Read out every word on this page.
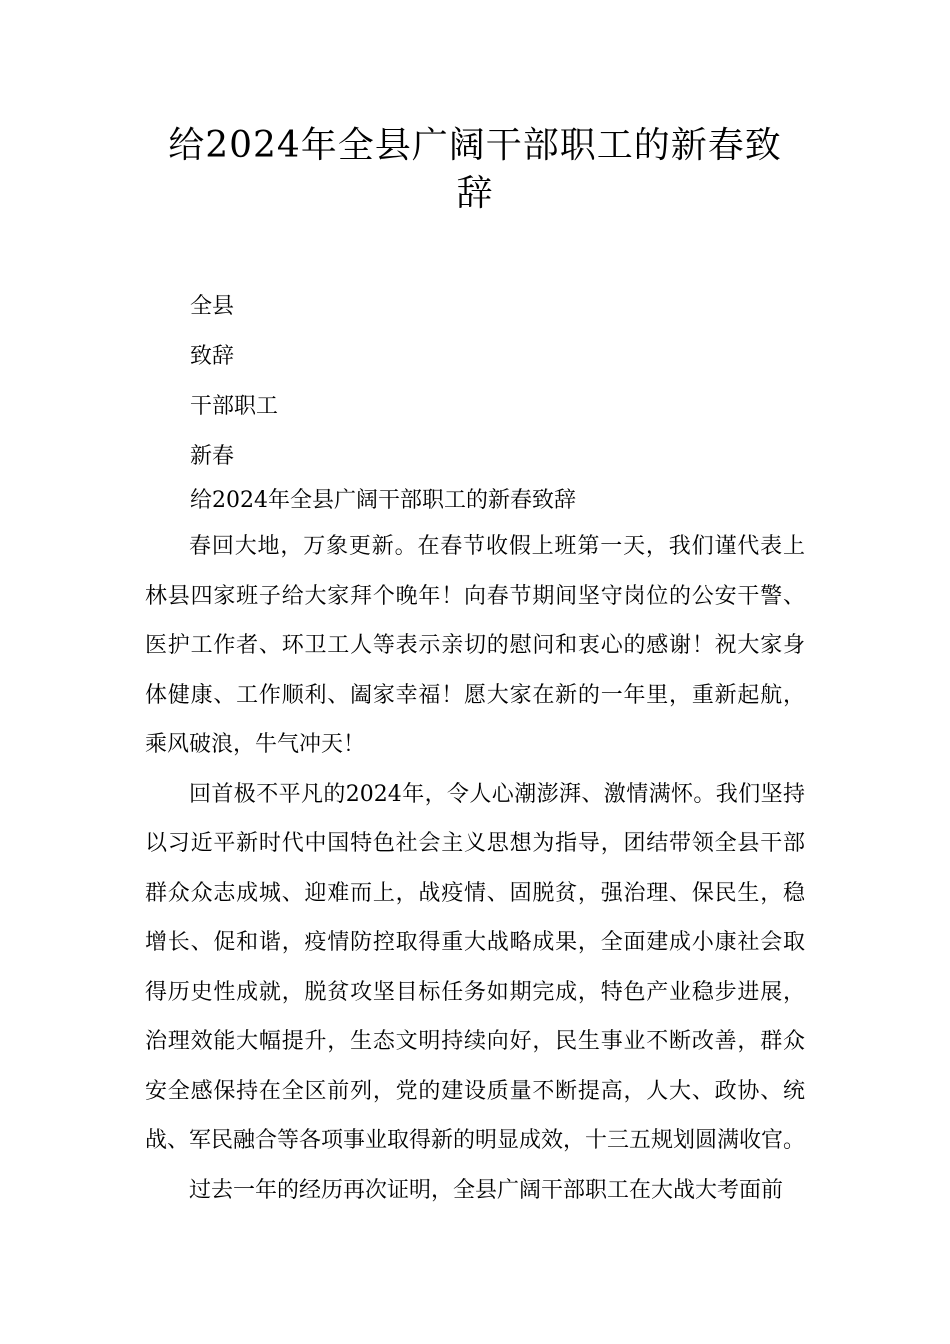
给2024年全县广阔干部职工的新春致
辞
全县
致辞
干部职工
新春

给2024年全县广阔干部职工的新春致辞

春回大地，万象更新。在春节收假上班第一天，我们谨代表上
林县四家班子给大家拜个晚年！向春节期间坚守岗位的公安干警、
医护工作者、环卫工人等表示亲切的慰问和衷心的感谢！祝大家身
体健康、工作顺利、阖家幸福！愿大家在新的一年里，重新起航，
乘风破浪，牛气冲天！

回首极不平凡的2024年，令人心潮澎湃、激情满怀。我们坚持
以习近平新时代中国特色社会主义思想为指导，团结带领全县干部
群众众志成城、迎难而上，战疫情、固脱贫，强治理、保民生，稳
增长、促和谐，疫情防控取得重大战略成果，全面建成小康社会取
得历史性成就，脱贫攻坚目标任务如期完成，特色产业稳步进展，
治理效能大幅提升，生态文明持续向好，民生事业不断改善，群众
安全感保持在全区前列，党的建设质量不断提高，人大、政协、统
战、军民融合等各项事业取得新的明显成效，十三五规划圆满收官。

过去一年的经历再次证明，全县广阔干部职工在大战大考面前
